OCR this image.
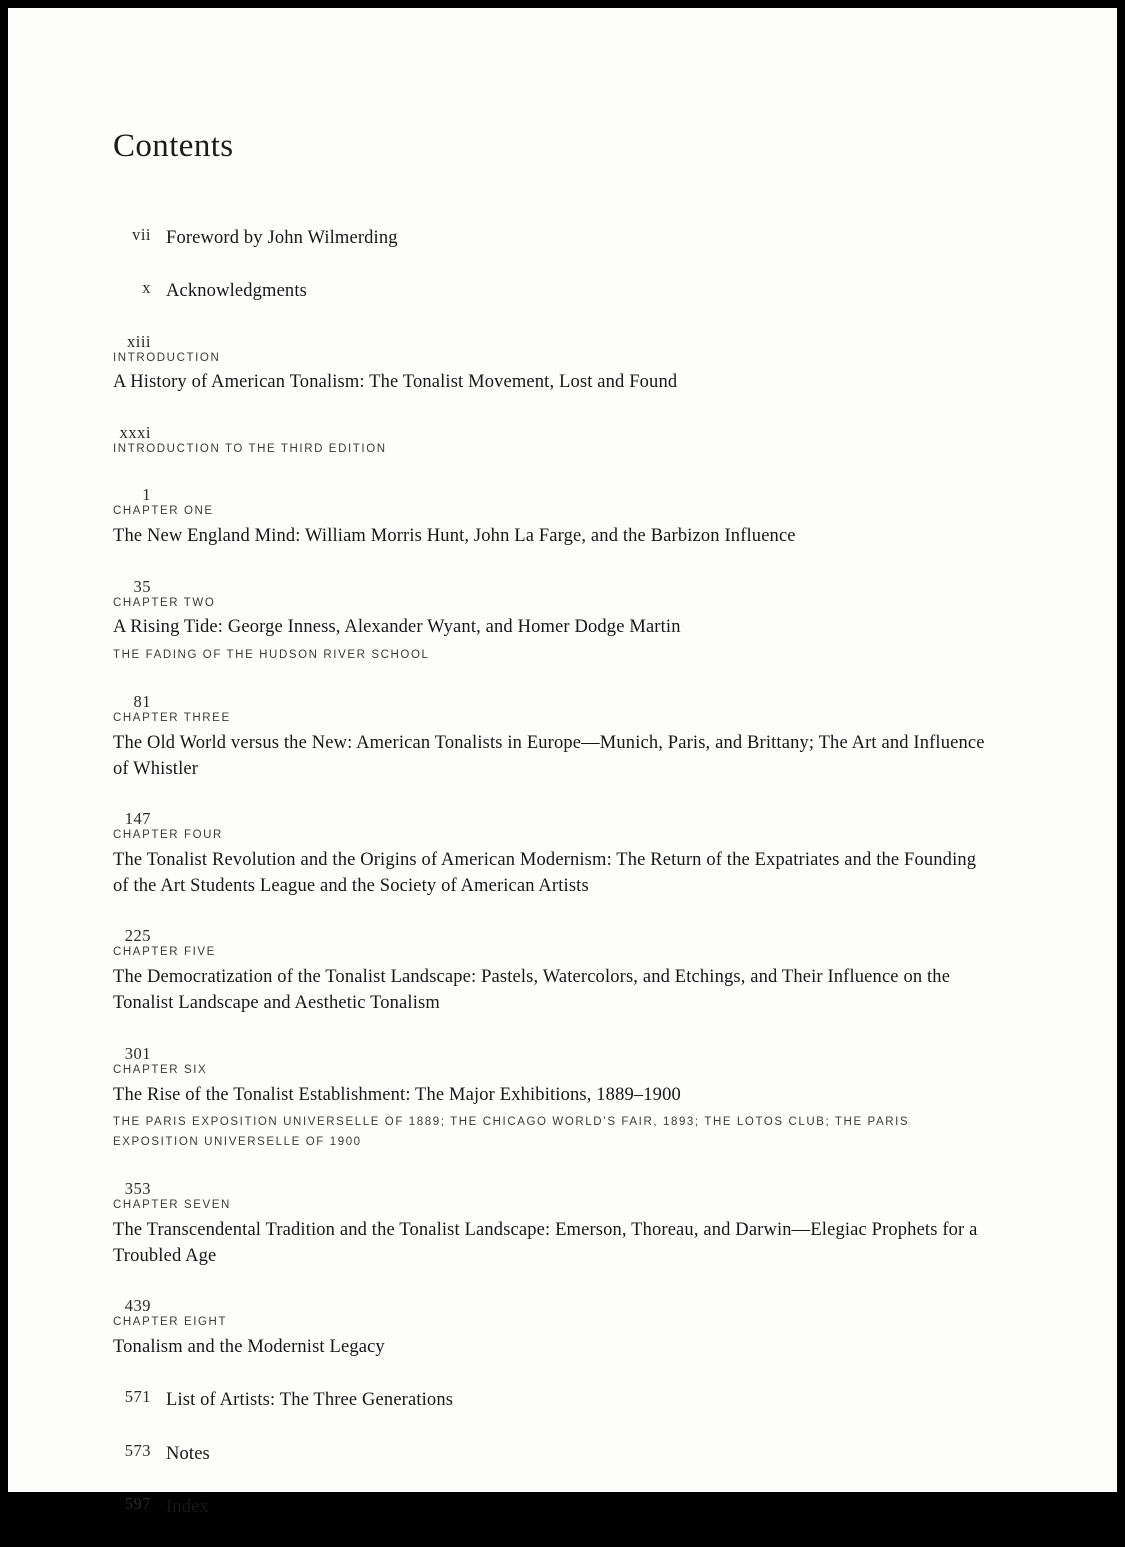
Contents
vii Foreword by John Wilmerding
x Acknowledgments
xiii
INTRODUCTION
A History of American Tonalism: The Tonalist Movement, Lost and Found
xxxi
INTRODUCTION TO THE THIRD EDITION
1
CHAPTER ONE
The New England Mind: William Morris Hunt, John La Farge, and the Barbizon Influence
35
CHAPTER TWO
A Rising Tide: George Inness, Alexander Wyant, and Homer Dodge Martin
THE FADING OF THE HUDSON RIVER SCHOOL
81
CHAPTER THREE
The Old World versus the New: American Tonalists in Europe—Munich, Paris, and Brittany; The Art and Influence of Whistler
147
CHAPTER FOUR
The Tonalist Revolution and the Origins of American Modernism: The Return of the Expatriates and the Founding of the Art Students League and the Society of American Artists
225
CHAPTER FIVE
The Democratization of the Tonalist Landscape: Pastels, Watercolors, and Etchings, and Their Influence on the Tonalist Landscape and Aesthetic Tonalism
301
CHAPTER SIX
The Rise of the Tonalist Establishment: The Major Exhibitions, 1889–1900
THE PARIS EXPOSITION UNIVERSELLE OF 1889; THE CHICAGO WORLD’S FAIR, 1893; THE LOTOS CLUB; THE PARIS EXPOSITION UNIVERSELLE OF 1900
353
CHAPTER SEVEN
The Transcendental Tradition and the Tonalist Landscape: Emerson, Thoreau, and Darwin—Elegiac Prophets for a Troubled Age
439
CHAPTER EIGHT
Tonalism and the Modernist Legacy
571 List of Artists: The Three Generations
573 Notes
597 Index
